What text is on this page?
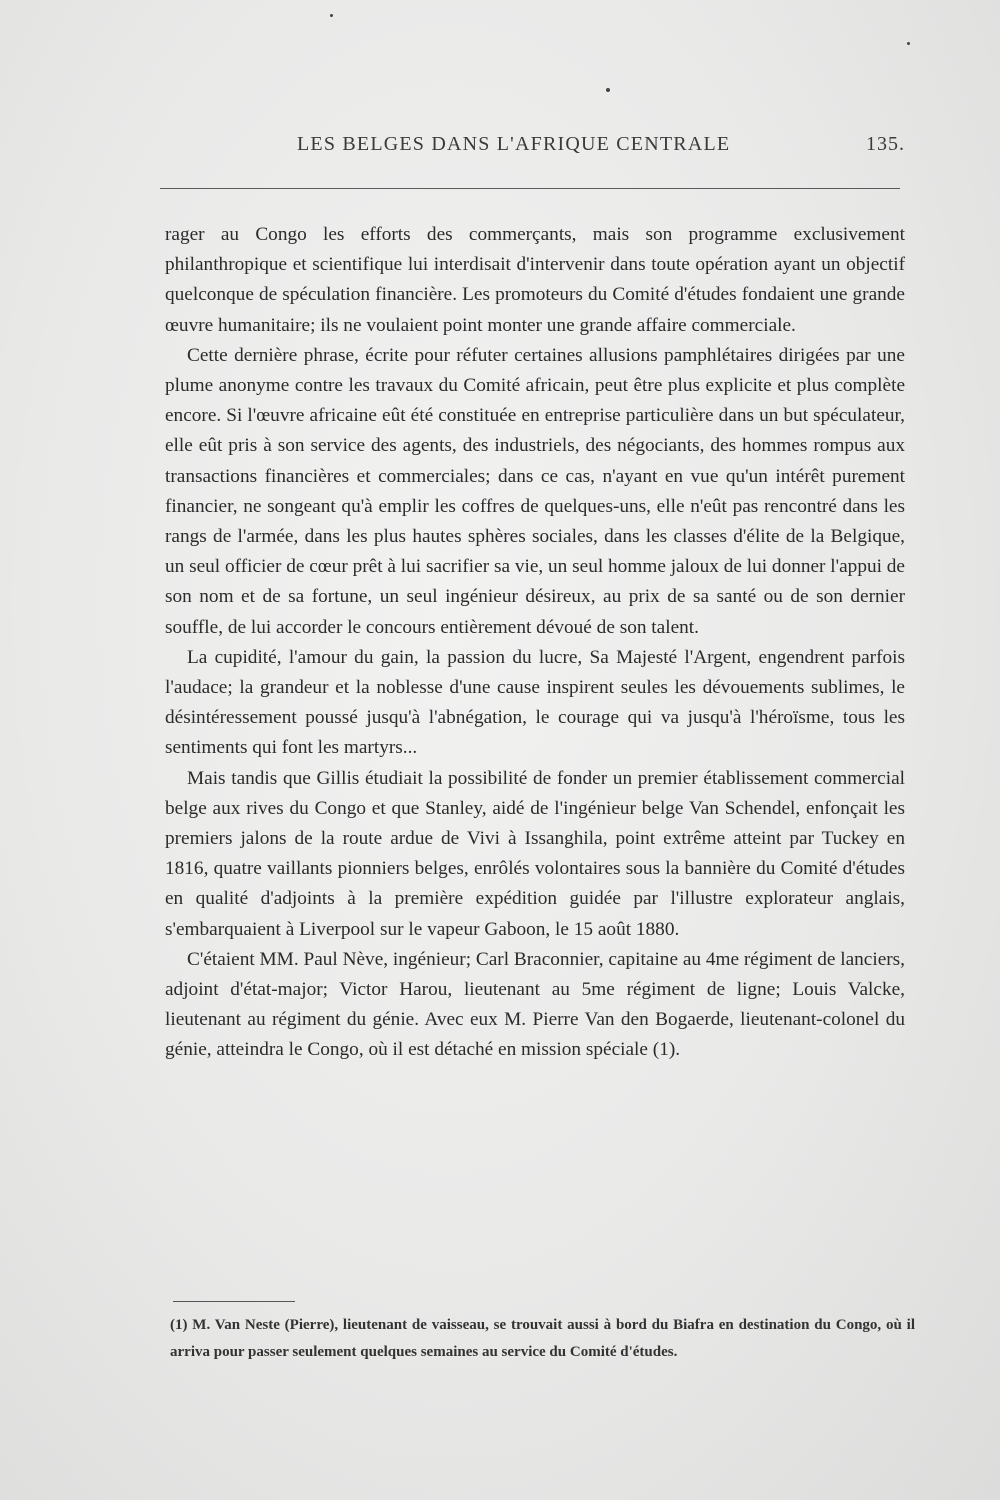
LES BELGES DANS L'AFRIQUE CENTRALE	135.

rager au Congo les efforts des commerçants, mais son programme exclusivement philanthropique et scientifique lui interdisait d'intervenir dans toute opération ayant un objectif quelconque de spéculation financière. Les promoteurs du Comité d'études fondaient une grande œuvre humanitaire; ils ne voulaient point monter une grande affaire commerciale.

Cette dernière phrase, écrite pour réfuter certaines allusions pamphlétaires dirigées par une plume anonyme contre les travaux du Comité africain, peut être plus explicite et plus complète encore. Si l'œuvre africaine eût été constituée en entreprise particulière dans un but spéculateur, elle eût pris à son service des agents, des industriels, des négociants, des hommes rompus aux transactions financières et commerciales; dans ce cas, n'ayant en vue qu'un intérêt purement financier, ne songeant qu'à emplir les coffres de quelques-uns, elle n'eût pas rencontré dans les rangs de l'armée, dans les plus hautes sphères sociales, dans les classes d'élite de la Belgique, un seul officier de cœur prêt à lui sacrifier sa vie, un seul homme jaloux de lui donner l'appui de son nom et de sa fortune, un seul ingénieur désireux, au prix de sa santé ou de son dernier souffle, de lui accorder le concours entièrement dévoué de son talent.

La cupidité, l'amour du gain, la passion du lucre, Sa Majesté l'Argent, engendrent parfois l'audace; la grandeur et la noblesse d'une cause inspirent seules les dévouements sublimes, le désintéressement poussé jusqu'à l'abnégation, le courage qui va jusqu'à l'héroïsme, tous les sentiments qui font les martyrs...

Mais tandis que Gillis étudiait la possibilité de fonder un premier établissement commercial belge aux rives du Congo et que Stanley, aidé de l'ingénieur belge Van Schendel, enfonçait les premiers jalons de la route ardue de Vivi à Issanghila, point extrême atteint par Tuckey en 1816, quatre vaillants pionniers belges, enrôlés volontaires sous la bannière du Comité d'études en qualité d'adjoints à la première expédition guidée par l'illustre explorateur anglais, s'embarquaient à Liverpool sur le vapeur Gaboon, le 15 août 1880.

C'étaient MM. Paul Nève, ingénieur; Carl Braconnier, capitaine au 4me régiment de lanciers, adjoint d'état-major; Victor Harou, lieutenant au 5me régiment de ligne; Louis Valcke, lieutenant au régiment du génie. Avec eux M. Pierre Van den Bogaerde, lieutenant-colonel du génie, atteindra le Congo, où il est détaché en mission spéciale (1).

(1) M. Van Neste (Pierre), lieutenant de vaisseau, se trouvait aussi à bord du Biafra en destination du Congo, où il arriva pour passer seulement quelques semaines au service du Comité d'études.
